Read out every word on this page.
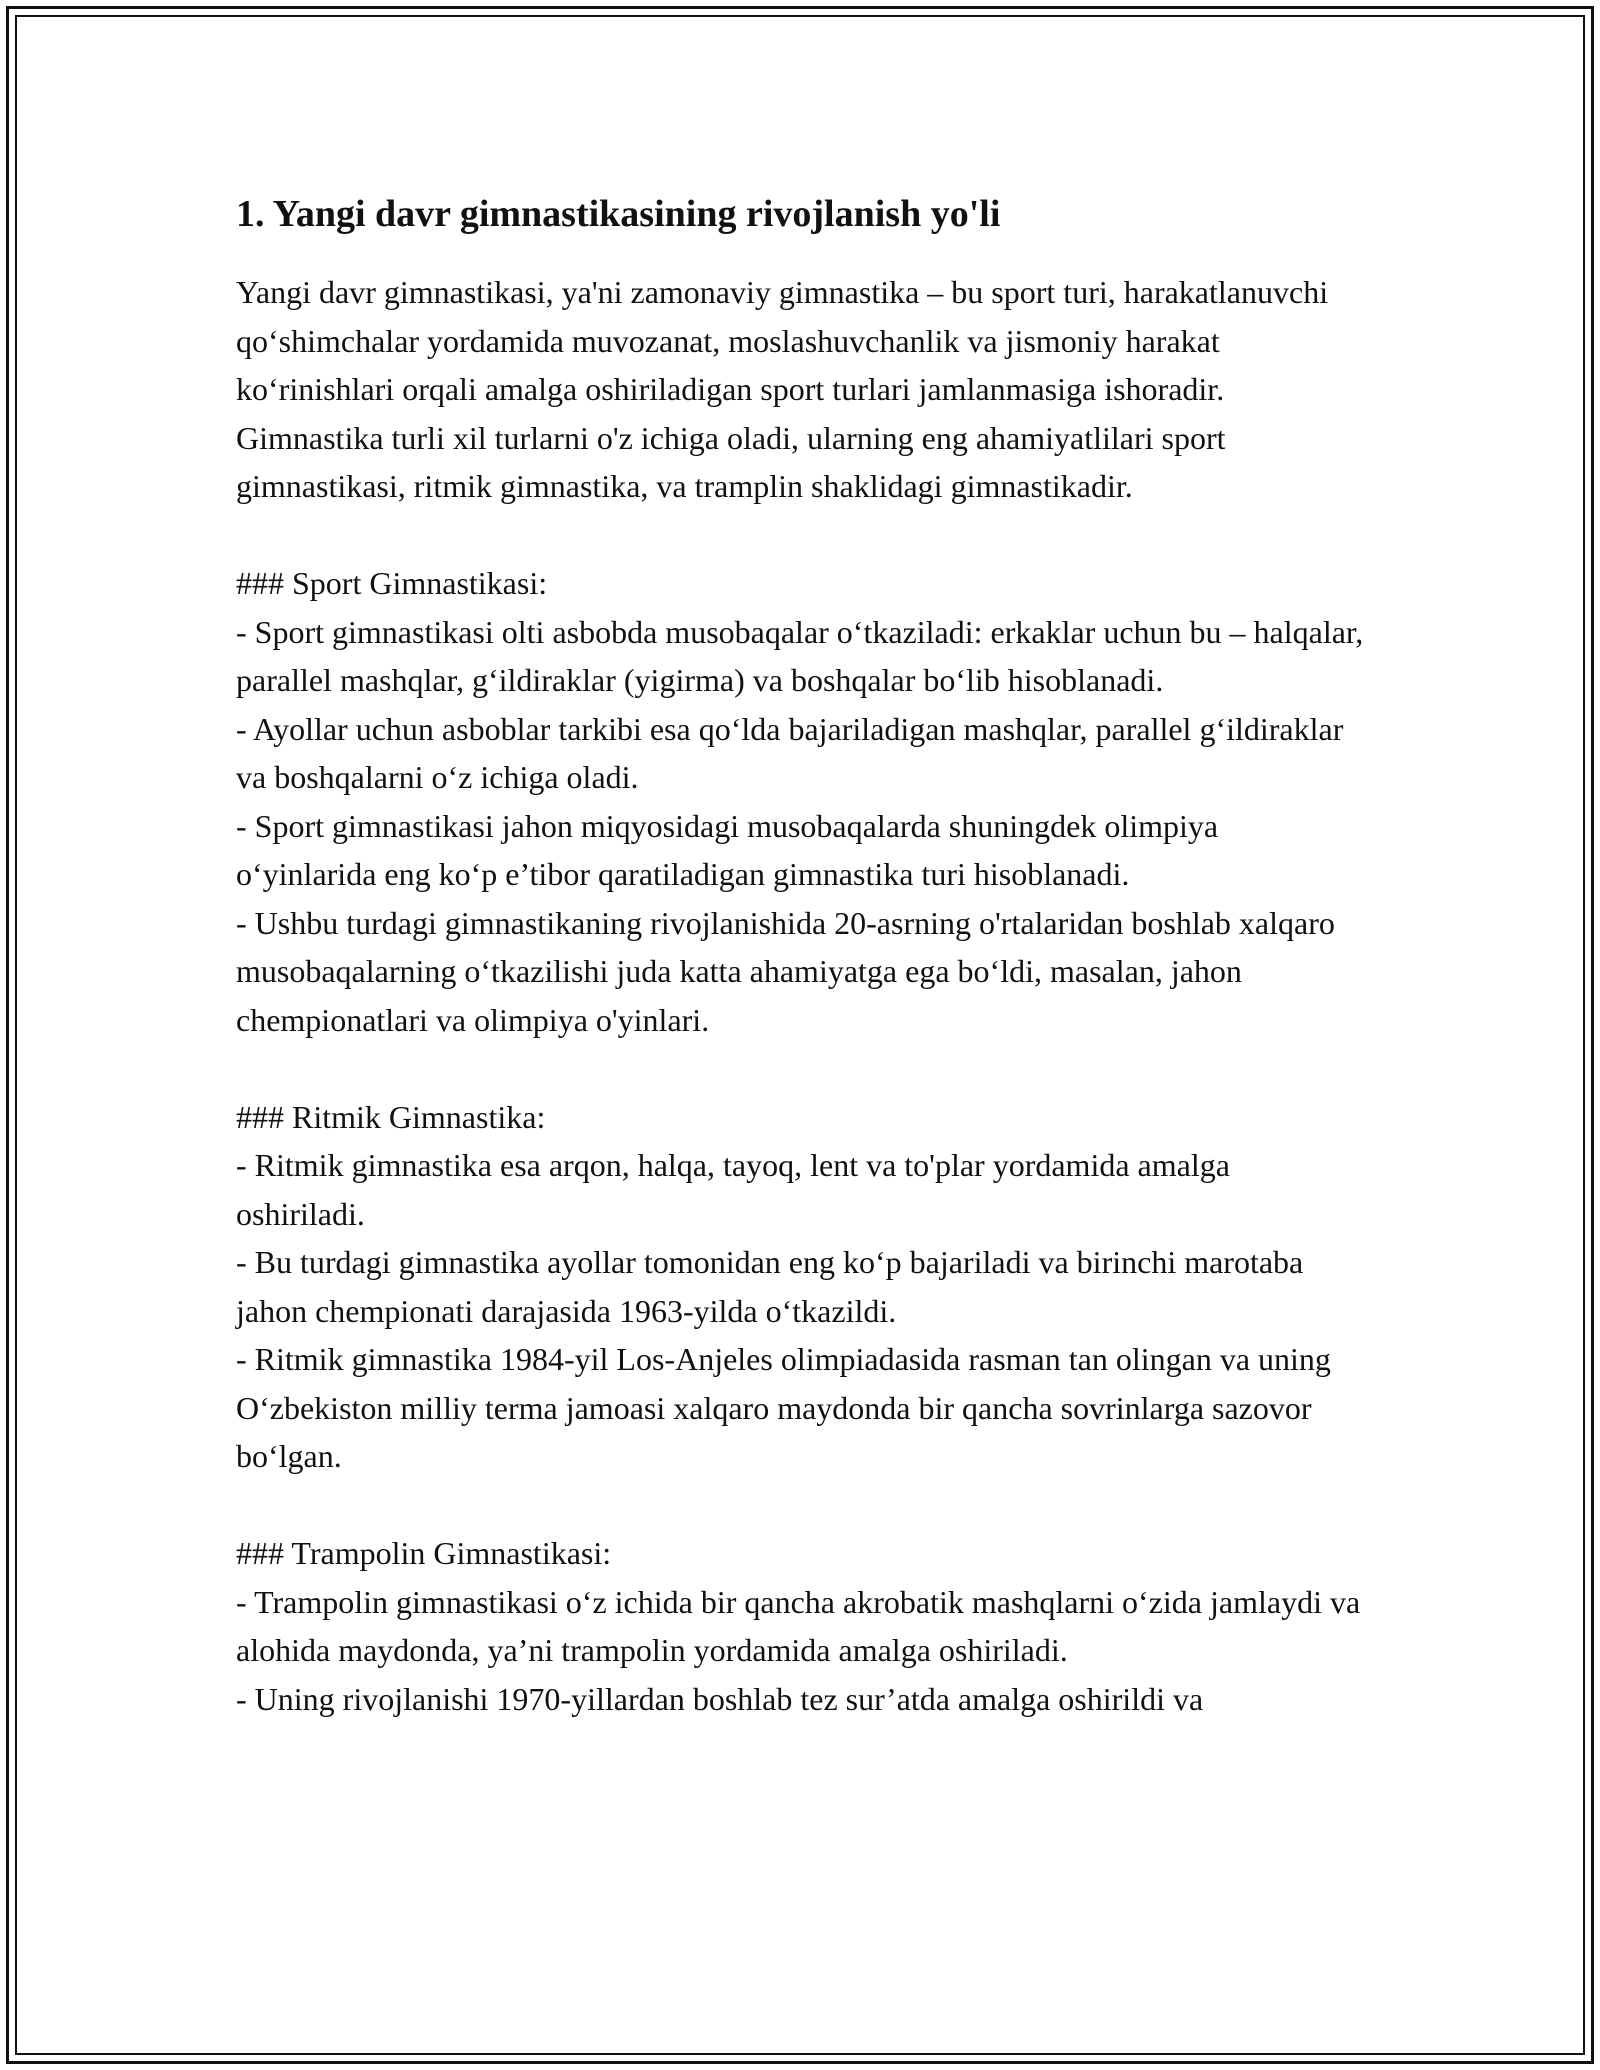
1. Yangi davr gimnastikasining rivojlanish yo'li

Yangi davr gimnastikasi, ya'ni zamonaviy gimnastika – bu sport turi, harakatlanuvchi qo‘shimchalar yordamida muvozanat, moslashuvchanlik va jismoniy harakat ko‘rinishlari orqali amalga oshiriladigan sport turlari jamlanmasiga ishoradir. Gimnastika turli xil turlarni o'z ichiga oladi, ularning eng ahamiyatlilari sport gimnastikasi, ritmik gimnastika, va tramplin shaklidagi gimnastikadir.

### Sport Gimnastikasi:

- Sport gimnastikasi olti asbobda musobaqalar o‘tkaziladi: erkaklar uchun bu – halqalar, parallel mashqlar, g‘ildiraklar (yigirma) va boshqalar bo‘lib hisoblanadi.

- Ayollar uchun asboblar tarkibi esa qo‘lda bajariladigan mashqlar, parallel g‘ildiraklar va boshqalarni o‘z ichiga oladi.

- Sport gimnastikasi jahon miqyosidagi musobaqalarda shuningdek olimpiya o‘yinlarida eng ko‘p e’tibor qaratiladigan gimnastika turi hisoblanadi.

- Ushbu turdagi gimnastikaning rivojlanishida 20-asrning o'rtalaridan boshlab xalqaro musobaqalarning o‘tkazilishi juda katta ahamiyatga ega bo‘ldi, masalan, jahon chempionatlari va olimpiya o'yinlari.

### Ritmik Gimnastika:

- Ritmik gimnastika esa arqon, halqa, tayoq, lent va to'plar yordamida amalga oshiriladi.

- Bu turdagi gimnastika ayollar tomonidan eng ko‘p bajariladi va birinchi marotaba jahon chempionati darajasida 1963-yilda o‘tkazildi.

- Ritmik gimnastika 1984-yil Los-Anjeles olimpiadasida rasman tan olingan va uning O‘zbekiston milliy terma jamoasi xalqaro maydonda bir qancha sovrinlarga sazovor bo‘lgan.

### Trampolin Gimnastikasi:

- Trampolin gimnastikasi o‘z ichida bir qancha akrobatik mashqlarni o‘zida jamlaydi va alohida maydonda, ya’ni trampolin yordamida amalga oshiriladi.

- Uning rivojlanishi 1970-yillardan boshlab tez sur’atda amalga oshirildi va
